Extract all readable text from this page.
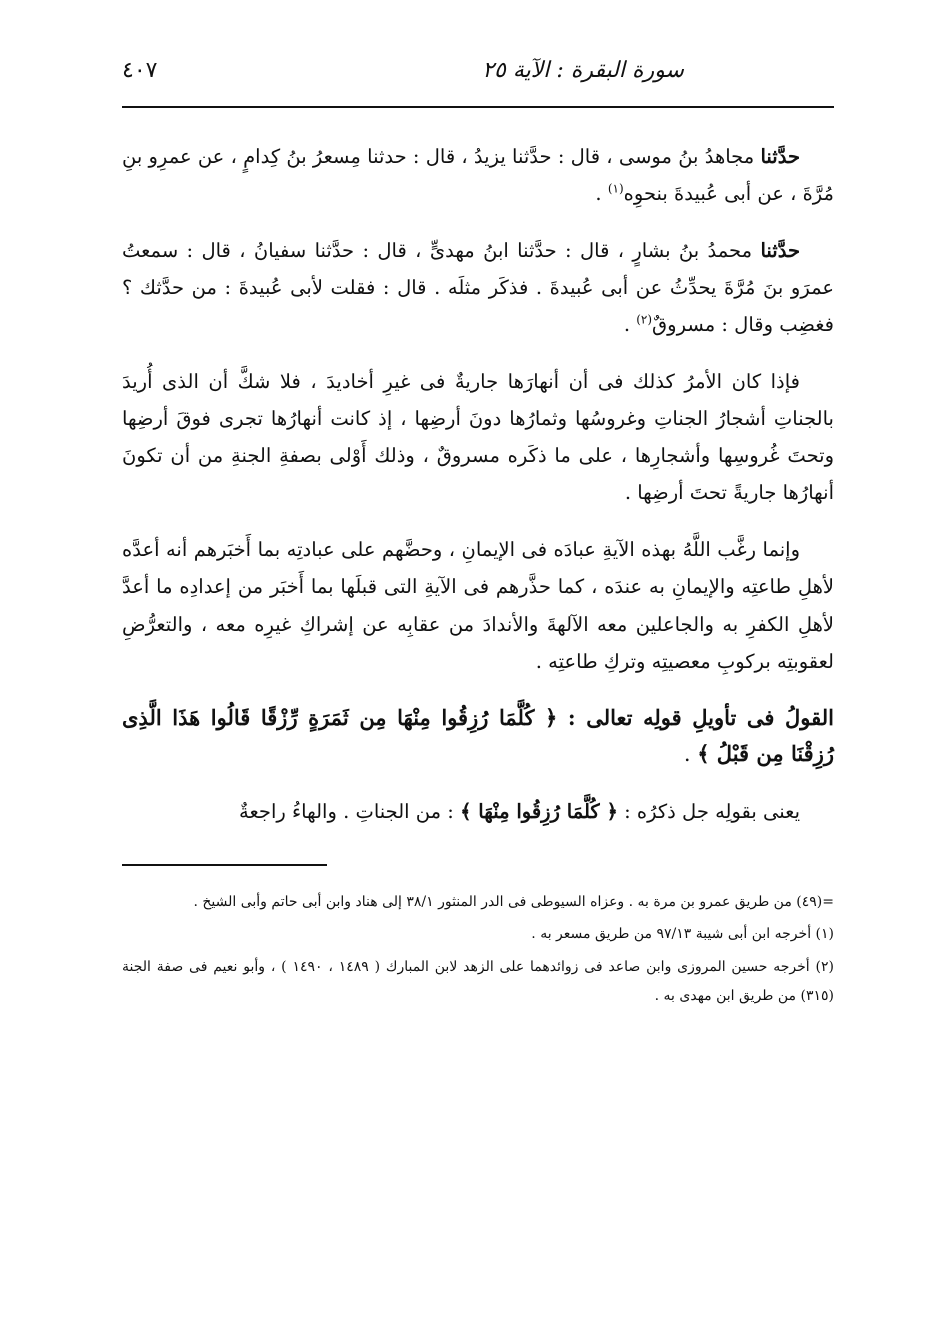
سورة البقرة : الآية ٢٥
٤٠٧

حدَّثنا مجاهدُ بنُ موسى ، قال : حدَّثنا يزيدُ ، قال : حدثنا مِسعرُ بنُ كِدامٍ ، عن عمرِو بنِ مُرَّةَ ، عن أبى عُبيدةَ بنحوِه$^{(١)}$ .

حدَّثنا محمدُ بنُ بشارٍ ، قال : حدَّثنا ابنُ مهدىٍّ ، قال : حدَّثنا سفيانُ ، قال : سمعتُ عمرَو بنَ مُرَّةَ يحدِّثُ عن أبى عُبيدةَ . فذكَر مثلَه . قال : فقلت لأبى عُبيدةَ : من حدَّثك ؟ فغضِب وقال : مسروقٌ$^{(٢)}$ .

فإذا كان الأمرُ كذلك فى أن أنهارَها جاريةٌ فى غيرِ أخاديدَ ، فلا شكَّ أن الذى أُريدَ بالجناتِ أشجارُ الجناتِ وغروسُها وثمارُها دونَ أرضِها ، إذ كانت أنهارُها تجرى فوقَ أرضِها وتحتَ غُروسِها وأشجارِها ، على ما ذكَره مسروقٌ ، وذلك أَوْلى بصفةِ الجنةِ من أن تكونَ أنهارُها جاريةً تحتَ أرضِها .

وإنما رغَّب اللَّهُ بهذه الآيةِ عبادَه فى الإيمانِ ، وحضَّهم على عبادتِه بما أَخبَرهم أنه أعدَّه لأهلِ طاعتِه والإيمانِ به عندَه ، كما حذَّرهم فى الآيةِ التى قبلَها بما أَخبَر من إعدادِه ما أعدَّ لأهلِ الكفرِ به والجاعلين معه الآلهةَ والأندادَ من عقابِه عن إشراكِ غيرِه معه ، والتعرُّضِ لعقوبتِه بركوبِ معصيتِه وتركِ طاعتِه .

القولُ فى تأويلِ قولِه تعالى : ﴿ كُلَّمَا رُزِقُوا مِنْهَا مِن ثَمَرَةٍ رِّزْقًا قَالُوا هَذَا الَّذِى رُزِقْنَا مِن قَبْلُ ﴾ .

يعنى بقولِه جل ذكرُه : ﴿ كُلَّمَا رُزِقُوا مِنْهَا ﴾ : من الجناتِ . والهاءُ راجعةٌ

=(٤٩) من طريق عمرو بن مرة به . وعزاه السيوطى فى الدر المنثور ٣٨/١ إلى هناد وابن أبى حاتم وأبى الشيخ .

(١) أخرجه ابن أبى شيبة ٩٧/١٣ من طريق مسعر به .

(٢) أخرجه حسين المروزى وابن صاعد فى زوائدهما على الزهد لابن المبارك ( ١٤٨٩ ، ١٤٩٠ ) ، وأبو نعيم فى صفة الجنة (٣١٥) من طريق ابن مهدى به .
